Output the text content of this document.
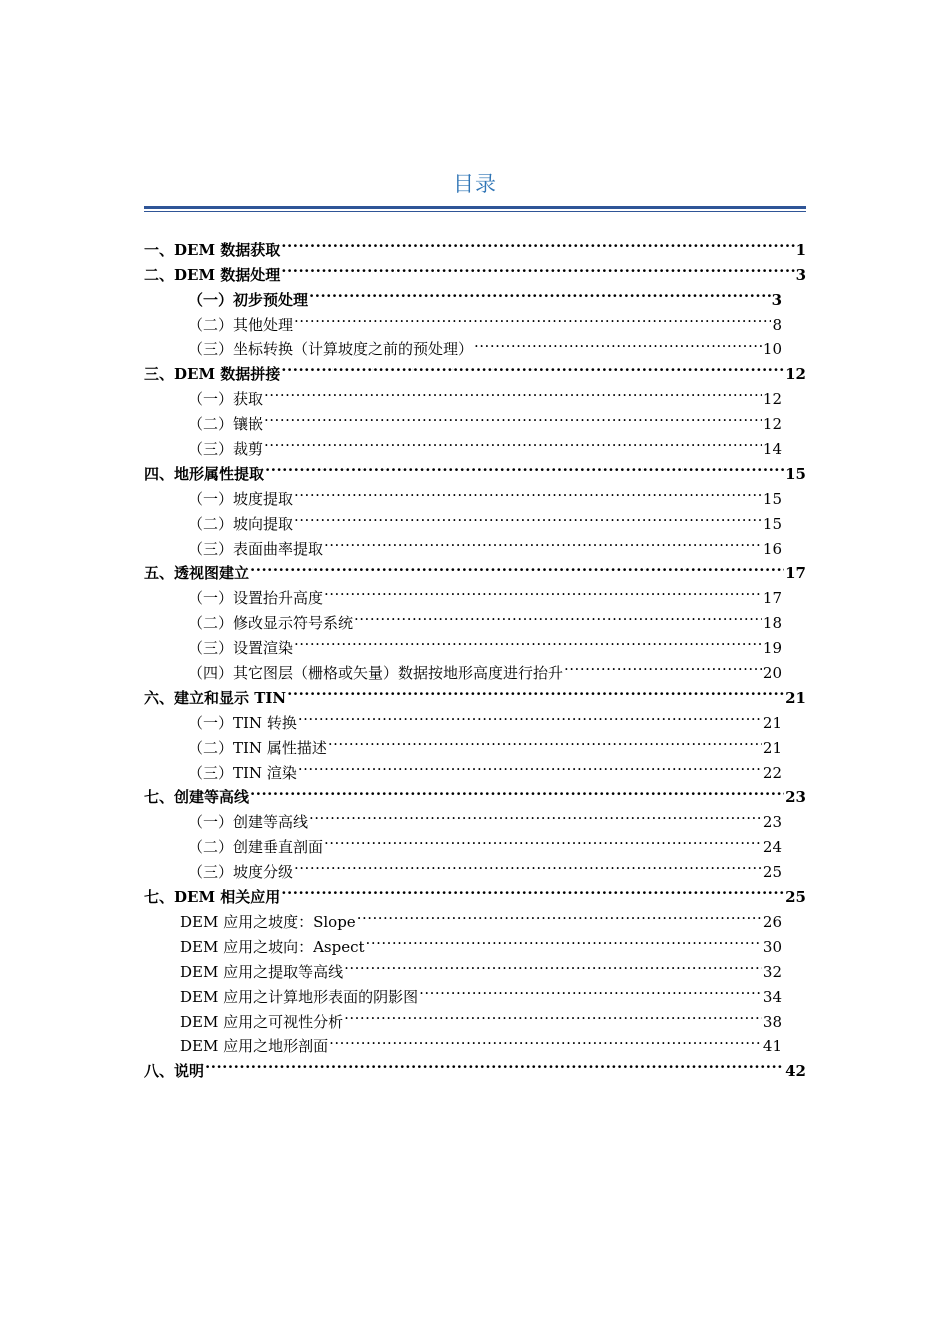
目录
一、DEM 数据获取 .....	1
二、DEM 数据处理 .....	3
（一）初步预处理 .....	3
（二）其他处理 .....	8
（三）坐标转换（计算坡度之前的预处理） .....	10
三、DEM 数据拼接 .....	12
（一）获取 .....	12
（二）镶嵌 .....	12
（三）裁剪 .....	14
四、地形属性提取 .....	15
（一）坡度提取 .....	15
（二）坡向提取 .....	15
（三）表面曲率提取 .....	16
五、透视图建立 .....	17
（一）设置抬升高度 .....	17
（二）修改显示符号系统 .....	18
（三）设置渲染 .....	19
（四）其它图层（栅格或矢量）数据按地形高度进行抬升 .....	20
六、建立和显示 TIN .....	21
（一）TIN 转换 .....	21
（二）TIN 属性描述 .....	21
（三）TIN 渲染 .....	22
七、创建等高线 .....	23
（一）创建等高线 .....	23
（二）创建垂直剖面 .....	24
（三）坡度分级 .....	25
七、DEM 相关应用 .....	25
DEM 应用之坡度：Slope .....	26
DEM 应用之坡向：Aspect .....	30
DEM 应用之提取等高线 .....	32
DEM 应用之计算地形表面的阴影图 .....	34
DEM 应用之可视性分析 .....	38
DEM 应用之地形剖面 .....	41
八、说明 .....	42
